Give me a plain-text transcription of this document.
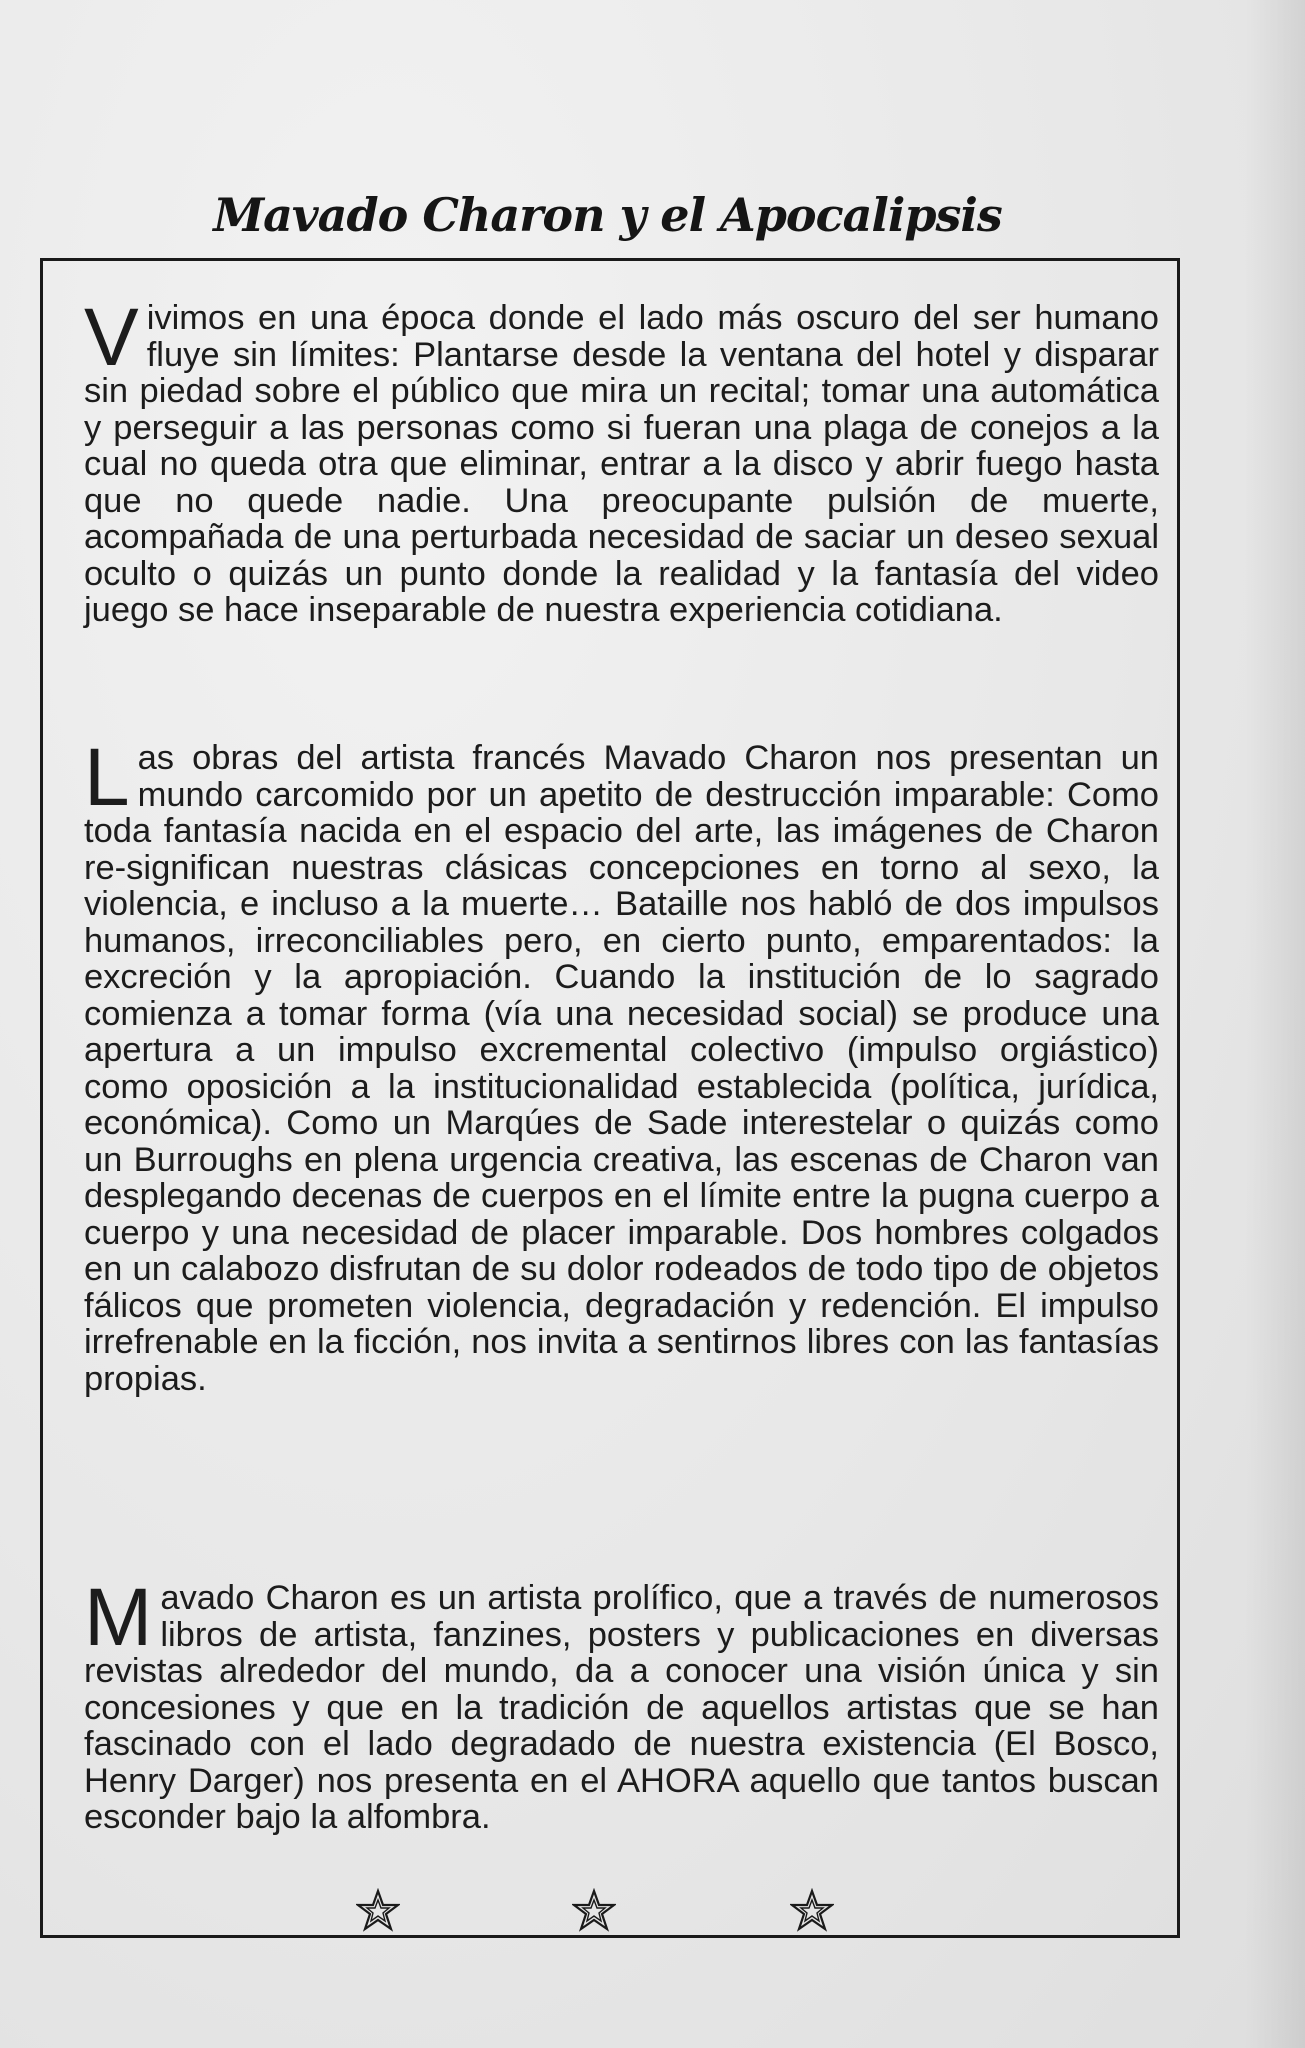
Mavado Charon y el Apocalipsis

Vivimos en una época donde el lado más oscuro del ser humano fluye sin límites: Plantarse desde la ventana del hotel y disparar sin piedad sobre el público que mira un recital; tomar una automática y perseguir a las personas como si fueran una plaga de conejos a la cual no queda otra que eliminar, entrar a la disco y abrir fuego hasta que no quede nadie. Una preocupante pulsión de muerte, acompañada de una perturbada necesidad de saciar un deseo sexual oculto o quizás un punto donde la realidad y la fantasía del video juego se hace inseparable de nuestra experiencia cotidiana.

Las obras del artista francés Mavado Charon nos presentan un mundo carcomido por un apetito de destrucción imparable: Como toda fantasía nacida en el espacio del arte, las imágenes de Charon re-significan nuestras clásicas concepciones en torno al sexo, la violencia, e incluso a la muerte… Bataille nos habló de dos impulsos humanos, irreconciliables pero, en cierto punto, emparentados: la excreción y la apropiación. Cuando la institución de lo sagrado comienza a tomar forma (vía una necesidad social) se produce una apertura a un impulso excremental colectivo (impulso orgiástico) como oposición a la institucionalidad establecida (política, jurídica, económica). Como un Marqúes de Sade interestelar o quizás como un Burroughs en plena urgencia creativa, las escenas de Charon van desplegando decenas de cuerpos en el límite entre la pugna cuerpo a cuerpo y una necesidad de placer imparable. Dos hombres colgados en un calabozo disfrutan de su dolor rodeados de todo tipo de objetos fálicos que prometen violencia, degradación y redención. El impulso irrefrenable en la ficción, nos invita a sentirnos libres con las fantasías propias.

Mavado Charon es un artista prolífico, que a través de numerosos libros de artista, fanzines, posters y publicaciones en diversas revistas alrededor del mundo, da a conocer una visión única y sin concesiones y que en la tradición de aquellos artistas que se han fascinado con el lado degradado de nuestra existencia (El Bosco, Henry Darger) nos presenta en el AHORA aquello que tantos buscan esconder bajo la alfombra.
